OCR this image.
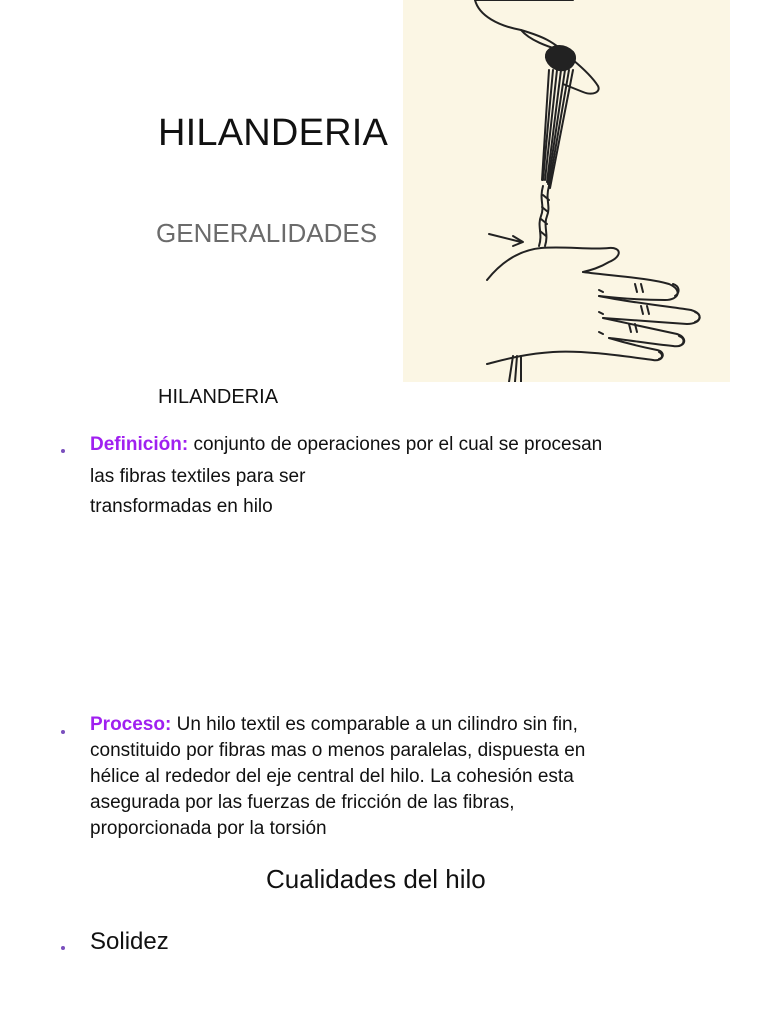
HILANDERIA
GENERALIDADES
HILANDERIA
Definición: conjunto de operaciones por el cual se procesan
las fibras textiles para ser
transformadas en hilo
Proceso: Un hilo textil es comparable a un cilindro sin fin,
constituido por fibras mas o menos paralelas, dispuesta en
hélice al rededor del eje central del hilo. La cohesión esta
asegurada por las fuerzas de fricción de las fibras,
proporcionada por la torsión
Cualidades del hilo
Solidez
